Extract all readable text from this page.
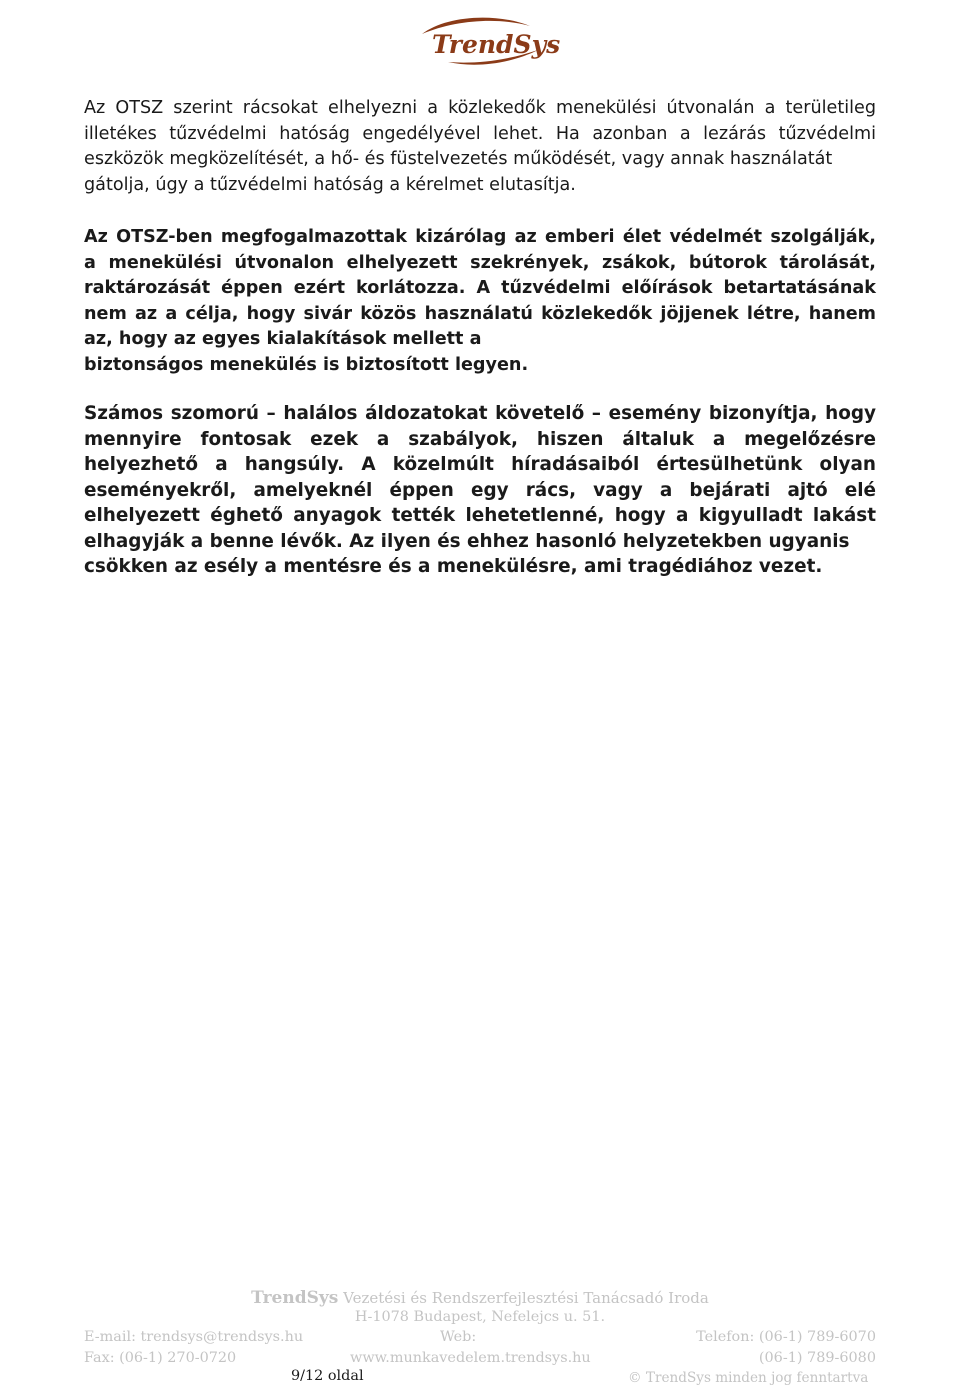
TrendSys

Az OTSZ szerint rácsokat elhelyezni a közlekedők menekülési útvonalán a területileg illetékes tűzvédelmi hatóság engedélyével lehet. Ha azonban a lezárás tűzvédelmi eszközök megközelítését, a hő- és füstelvezetés működését, vagy annak használatát
gátolja, úgy a tűzvédelmi hatóság a kérelmet elutasítja.

Az OTSZ-ben megfogalmazottak kizárólag az emberi élet védelmét szolgálják, a menekülési útvonalon elhelyezett szekrények, zsákok, bútorok tárolását, raktározását éppen ezért korlátozza. A tűzvédelmi előírások betartatásának nem az a célja, hogy sivár közös használatú közlekedők jöjjenek létre, hanem az, hogy az egyes kialakítások mellett a
biztonságos menekülés is biztosított legyen.

Számos szomorú – halálos áldozatokat követelő – esemény bizonyítja, hogy mennyire fontosak ezek a szabályok, hiszen általuk a megelőzésre helyezhető a hangsúly. A közelmúlt híradásaiból értesülhetünk olyan eseményekről, amelyeknél éppen egy rács, vagy a bejárati ajtó elé elhelyezett éghető anyagok tették lehetetlenné, hogy a kigyulladt lakást elhagyják a benne lévők. Az ilyen és ehhez hasonló helyzetekben ugyanis
csökken az esély a mentésre és a menekülésre, ami tragédiához vezet.

TrendSys Vezetési és Rendszerfejlesztési Tanácsadó Iroda
H-1078 Budapest, Nefelejcs u. 51.
E-mail: trendsys@trendsys.hu	Web:	Telefon: (06-1) 789-6070
Fax: (06-1) 270-0720	www.munkavedelem.trendsys.hu	(06-1) 789-6080
9/12 oldal	© TrendSys minden jog fenntartva
